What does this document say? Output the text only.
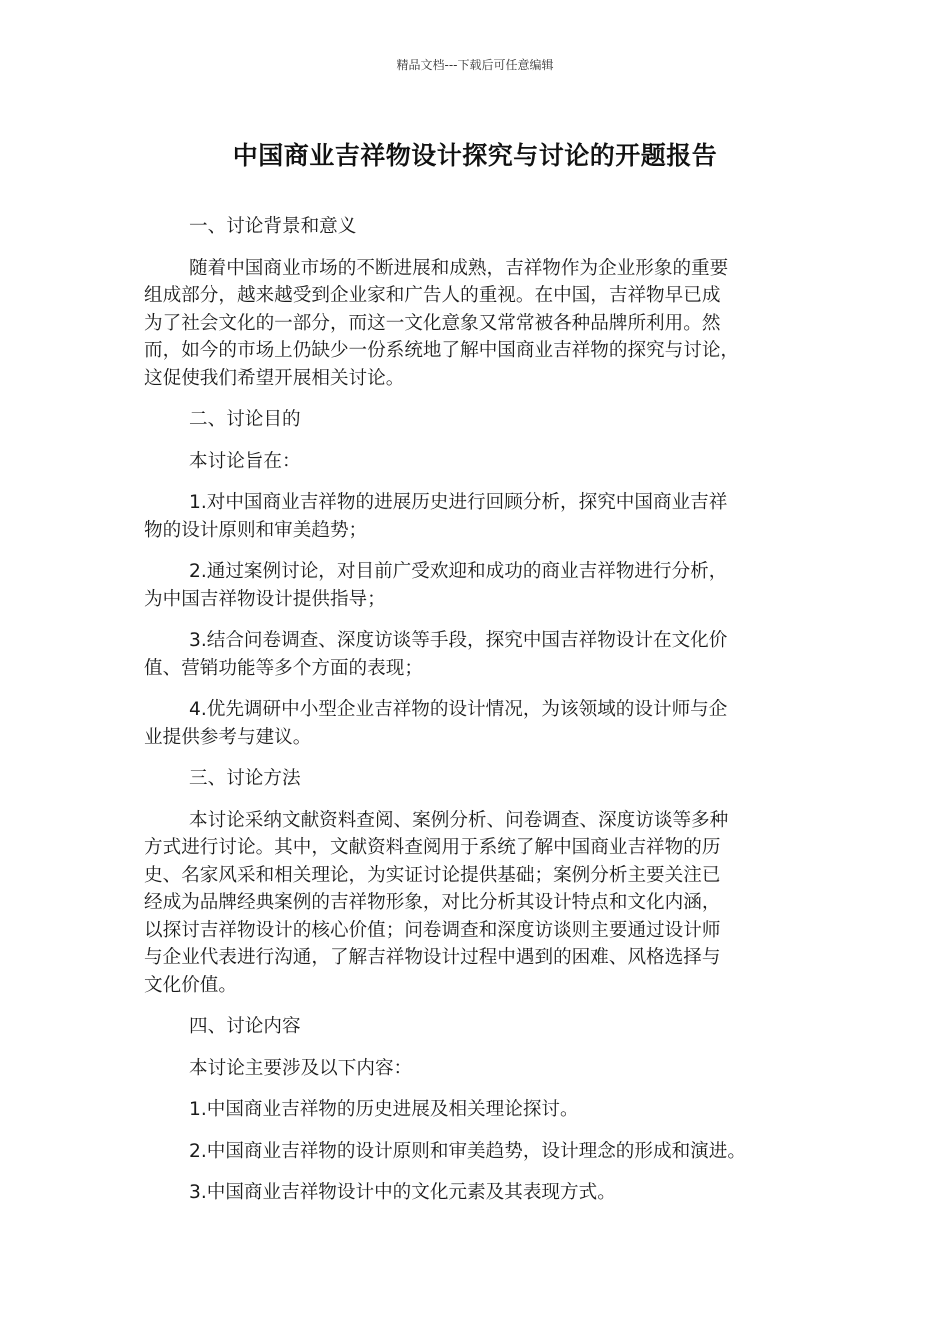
精品文档---下载后可任意编辑
中国商业吉祥物设计探究与讨论的开题报告
一、讨论背景和意义
随着中国商业市场的不断进展和成熟，吉祥物作为企业形象的重要
组成部分，越来越受到企业家和广告人的重视。在中国，吉祥物早已成
为了社会文化的一部分，而这一文化意象又常常被各种品牌所利用。然
而，如今的市场上仍缺少一份系统地了解中国商业吉祥物的探究与讨论，
这促使我们希望开展相关讨论。
二、讨论目的
本讨论旨在：
1.对中国商业吉祥物的进展历史进行回顾分析，探究中国商业吉祥
物的设计原则和审美趋势；
2.通过案例讨论，对目前广受欢迎和成功的商业吉祥物进行分析，
为中国吉祥物设计提供指导；
3.结合问卷调查、深度访谈等手段，探究中国吉祥物设计在文化价
值、营销功能等多个方面的表现；
4.优先调研中小型企业吉祥物的设计情况，为该领域的设计师与企
业提供参考与建议。
三、讨论方法
本讨论采纳文献资料查阅、案例分析、问卷调查、深度访谈等多种
方式进行讨论。其中，文献资料查阅用于系统了解中国商业吉祥物的历
史、名家风采和相关理论，为实证讨论提供基础；案例分析主要关注已
经成为品牌经典案例的吉祥物形象，对比分析其设计特点和文化内涵，
以探讨吉祥物设计的核心价值；问卷调查和深度访谈则主要通过设计师
与企业代表进行沟通，了解吉祥物设计过程中遇到的困难、风格选择与
文化价值。
四、讨论内容
本讨论主要涉及以下内容：
1.中国商业吉祥物的历史进展及相关理论探讨。
2.中国商业吉祥物的设计原则和审美趋势，设计理念的形成和演进。
3.中国商业吉祥物设计中的文化元素及其表现方式。
